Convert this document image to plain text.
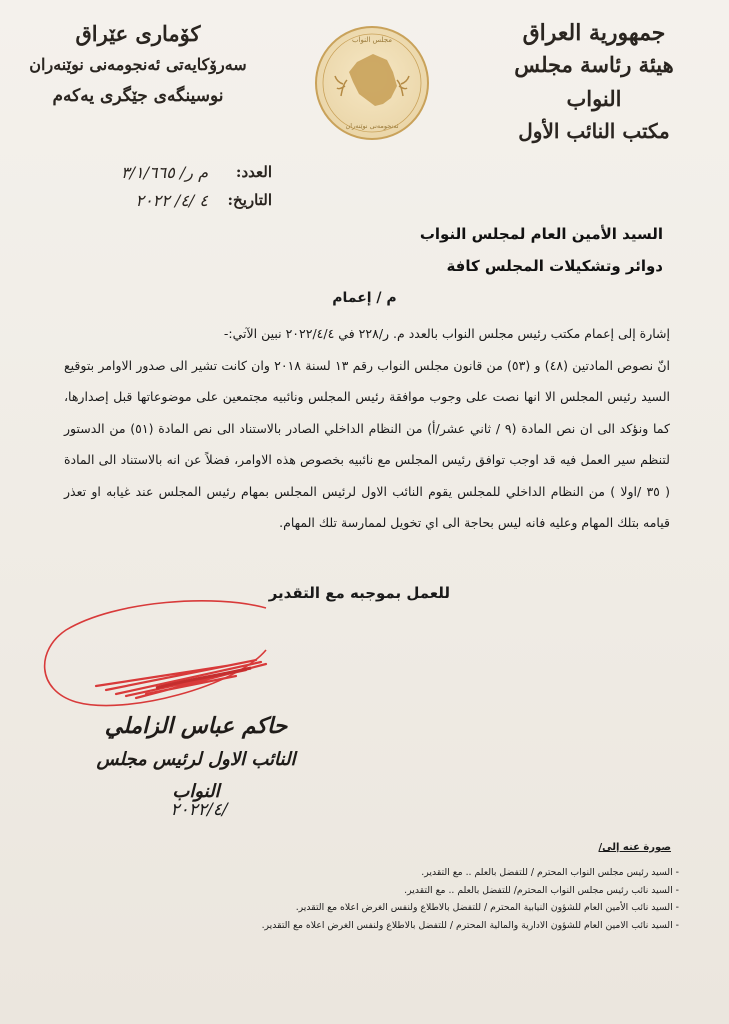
جمهورية العراق
هيئة رئاسة مجلس النواب
مكتب النائب الأول
كۆماری عێراق
سەرۆکایەتی ئەنجومەنی نوێنەران
نوسینگەی جێگری یەکەم
مجلس النواب
ئەنجومەنی نوێنەران
العدد:
م ر/ ٣/١/٦٦٥
التاريخ:
٤ /٤/ ٢٠٢٢
السيد الأمين العام لمجلس النواب
دوائر وتشكيلات المجلس كافة
م / إعمام

إشارة إلى إعمام مكتب رئيس مجلس النواب بالعدد م. ر/٢٢٨ في ٢٠٢٢/٤/٤ نبين الآتي:-

انّ نصوص المادتين (٤٨) و (٥٣) من قانون مجلس النواب رقم ١٣ لسنة ٢٠١٨ وان كانت تشير الى صدور الاوامر بتوقيع السيد رئيس المجلس الا انها نصت على وجوب موافقة رئيس المجلس ونائبيه مجتمعين على موضوعاتها قبل إصدارها، كما ونؤكد الى ان نص المادة (٩ / ثاني عشر/أ) من النظام الداخلي الصادر بالاستناد الى نص المادة (٥١) من الدستور لتنظم سير العمل فيه قد اوجب توافق رئيس المجلس مع نائبيه بخصوص هذه الاوامر، فضلاً عن انه بالاستناد الى المادة ( ٣٥ /اولا ) من النظام الداخلي للمجلس يقوم النائب الاول لرئيس المجلس بمهام رئيس المجلس عند غيابه او تعذر قيامه بتلك المهام وعليه فانه ليس بحاجة الى اي تخويل لممارسة تلك المهام.

للعمل بموجبه مع التقدير
حاكم عباس الزاملي
النائب الاول لرئيس مجلس النواب
٢٠٢٢/٤/
صورة عنه إلى/
- السيد رئيس مجلس النواب المحترم / للتفضل بالعلم .. مع التقدير.
- السيد نائب رئيس مجلس النواب المحترم/ للتفضل بالعلم .. مع التقدير.
- السيد نائب الأمين العام للشؤون النيابية المحترم / للتفضل بالاطلاع ولنفس الغرض اعلاه مع التقدير.
- السيد نائب الامين العام للشؤون الادارية والمالية المحترم / للتفضل بالاطلاع ولنفس الغرض اعلاه مع التقدير.
